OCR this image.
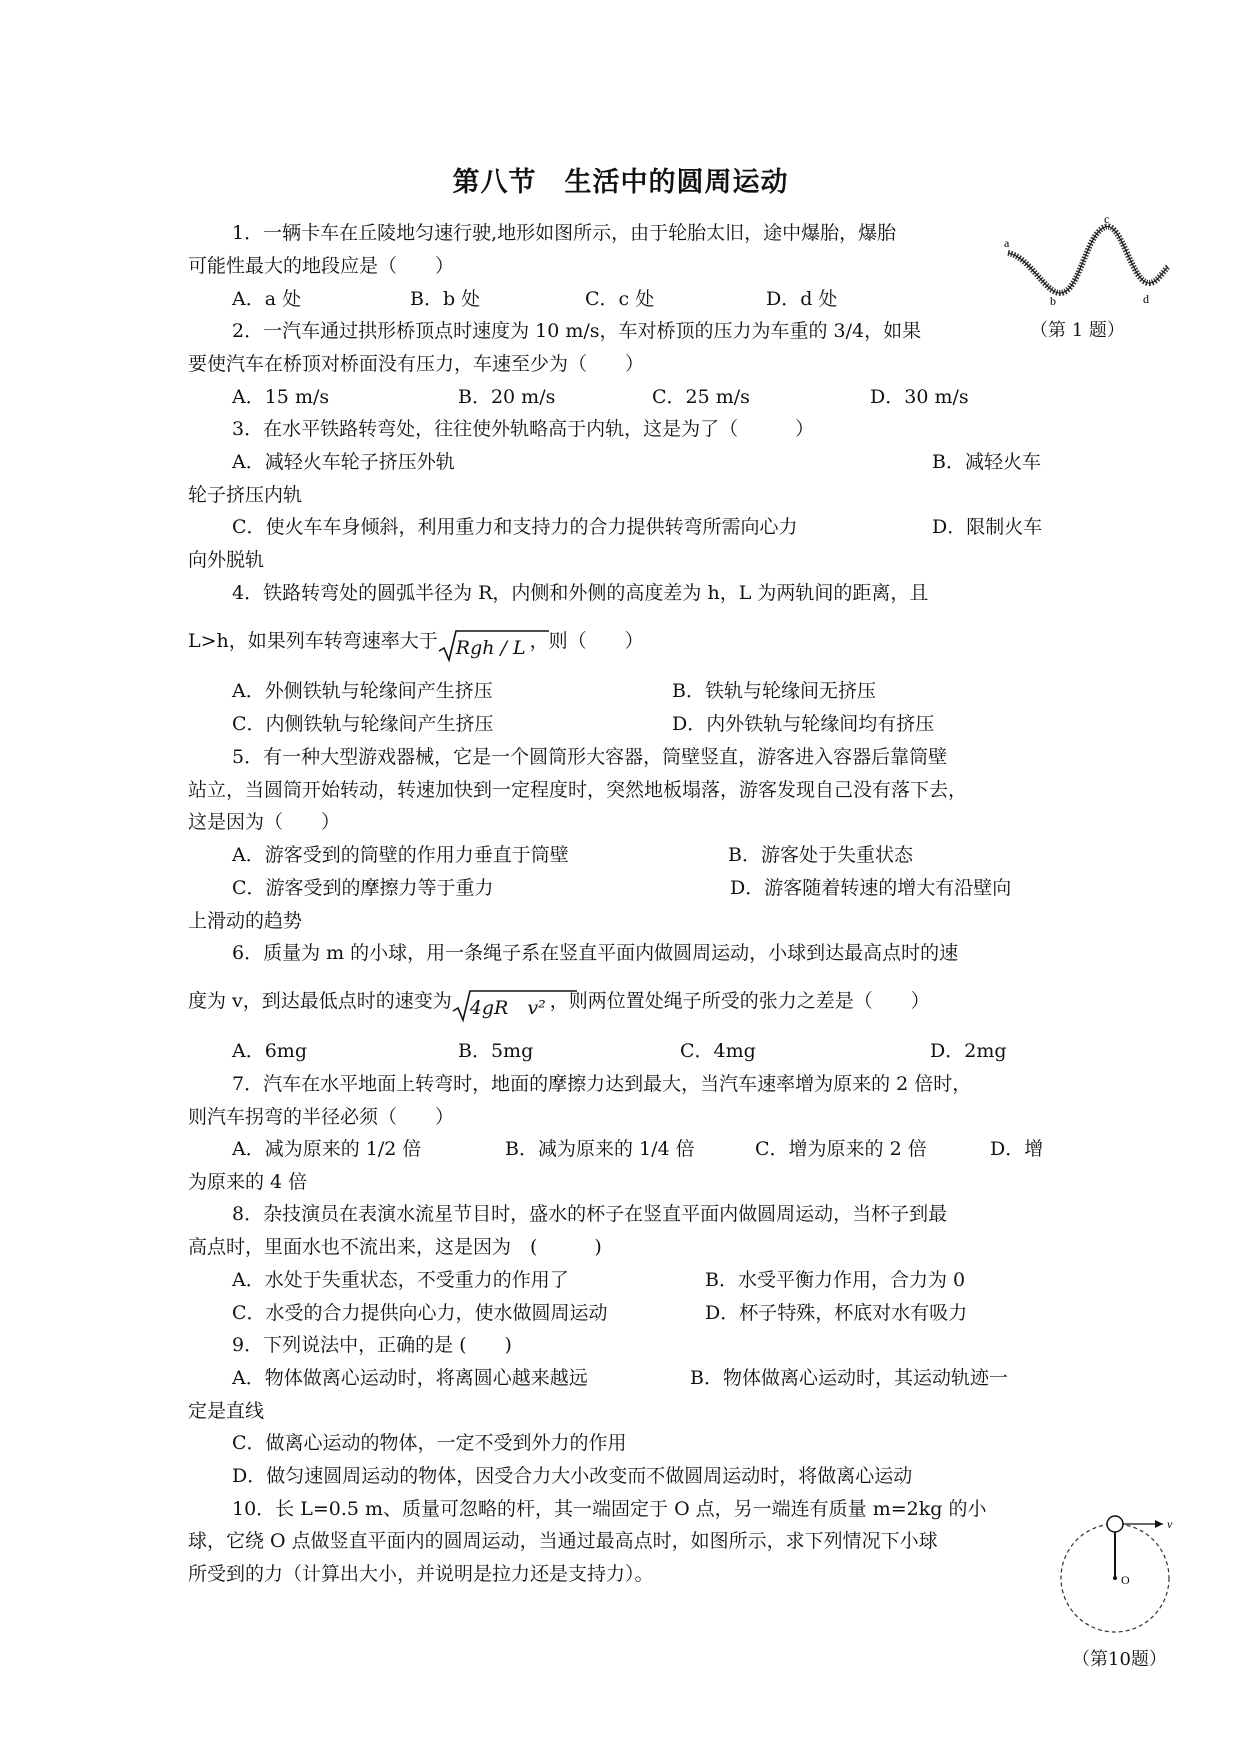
第八节　生活中的圆周运动
1．一辆卡车在丘陵地匀速行驶,地形如图所示，由于轮胎太旧，途中爆胎，爆胎
可能性最大的地段应是（　　）
A．a 处	B．b 处	C．c 处	D．d 处
a
b
c
d
（第 1 题）
2．一汽车通过拱形桥顶点时速度为 10 m/s，车对桥顶的压力为车重的 3/4，如果
要使汽车在桥顶对桥面没有压力，车速至少为（　　）
A．15 m/s	B．20 m/s	C．25 m/s	D．30 m/s
3．在水平铁路转弯处，往往使外轨略高于内轨，这是为了（　　　）
A．减轻火车轮子挤压外轨	B．减轻火车
轮子挤压内轨
C．使火车车身倾斜，利用重力和支持力的合力提供转弯所需向心力	D．限制火车
向外脱轨
4．铁路转弯处的圆弧半径为 R，内侧和外侧的高度差为 h，L 为两轨间的距离，且
L>h，如果列车转弯速率大于 Rgh / L ，则（　　）
A．外侧铁轨与轮缘间产生挤压	B．铁轨与轮缘间无挤压
C．内侧铁轨与轮缘间产生挤压	D．内外铁轨与轮缘间均有挤压
5．有一种大型游戏器械，它是一个圆筒形大容器，筒壁竖直，游客进入容器后靠筒壁
站立，当圆筒开始转动，转速加快到一定程度时，突然地板塌落，游客发现自己没有落下去，
这是因为（　　）
A．游客受到的筒壁的作用力垂直于筒壁	B．游客处于失重状态
C．游客受到的摩擦力等于重力	D．游客随着转速的增大有沿壁向
上滑动的趋势
6．质量为 m 的小球，用一条绳子系在竖直平面内做圆周运动，小球到达最高点时的速
度为 v，到达最低点时的速变为 4gR　v² ，则两位置处绳子所受的张力之差是（　　）
A．6mg	B．5mg	C．4mg	D．2mg
7．汽车在水平地面上转弯时，地面的摩擦力达到最大，当汽车速率增为原来的 2 倍时，
则汽车拐弯的半径必须（　　）
A．减为原来的 1/2 倍	B．减为原来的 1/4 倍	C．增为原来的 2 倍	D．增
为原来的 4 倍
8．杂技演员在表演水流星节目时，盛水的杯子在竖直平面内做圆周运动，当杯子到最
高点时，里面水也不流出来，这是因为　(　　　)
A．水处于失重状态，不受重力的作用了	B．水受平衡力作用，合力为 0
C．水受的合力提供向心力，使水做圆周运动	D．杯子特殊，杯底对水有吸力
9．下列说法中，正确的是 (　　)
A．物体做离心运动时，将离圆心越来越远	B．物体做离心运动时，其运动轨迹一
定是直线
C．做离心运动的物体，一定不受到外力的作用
D．做匀速圆周运动的物体，因受合力大小改变而不做圆周运动时，将做离心运动
10．长 L=0.5 m、质量可忽略的杆，其一端固定于 O 点，另一端连有质量 m=2kg 的小
球，它绕 O 点做竖直平面内的圆周运动，当通过最高点时，如图所示，求下列情况下小球
所受到的力（计算出大小，并说明是拉力还是支持力）。
v
O
（第10题）
